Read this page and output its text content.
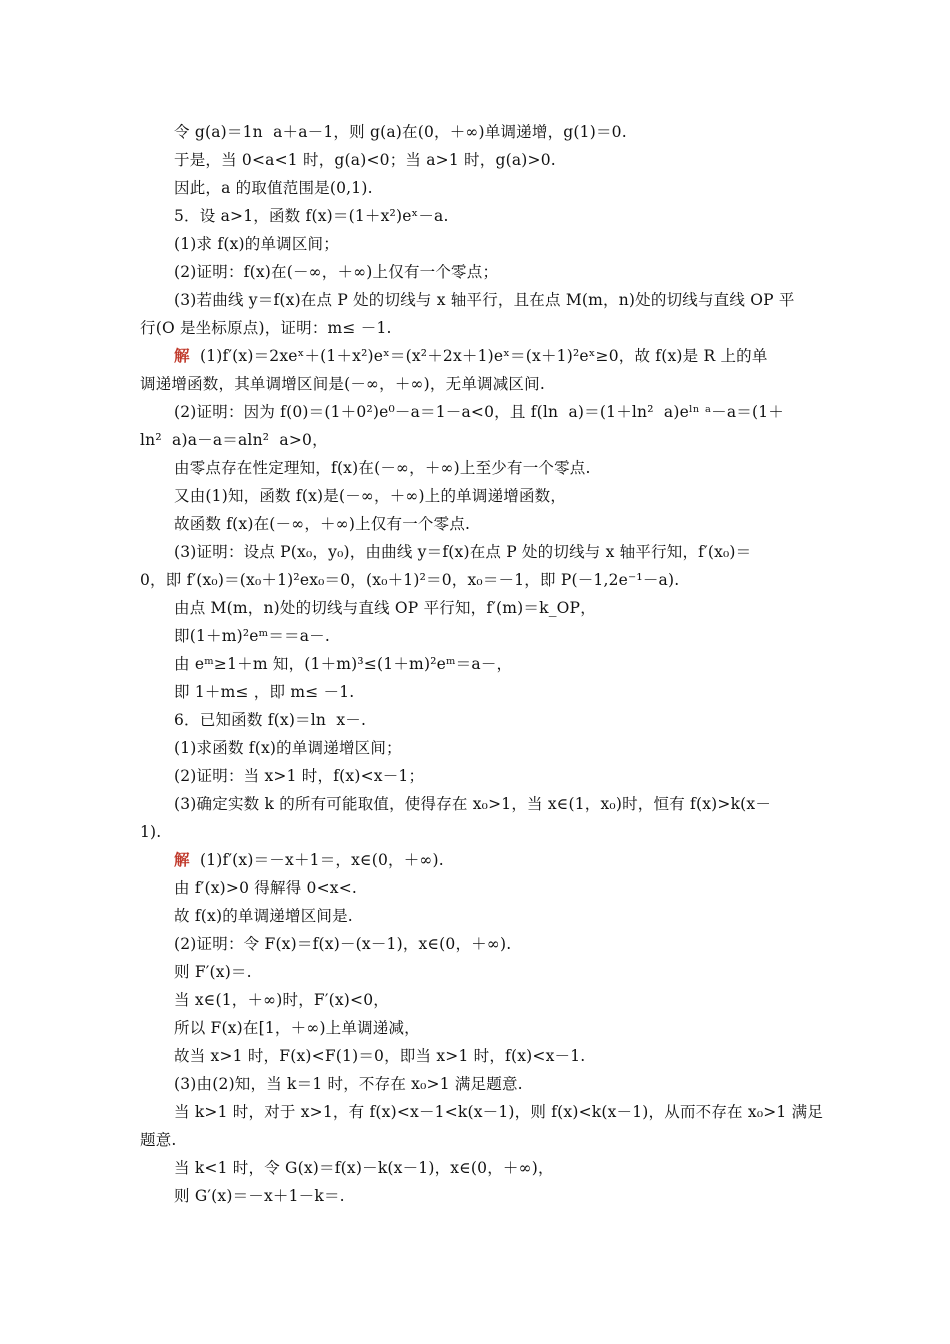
令 g(a)＝1n  a＋a－1，则 g(a)在(0，＋∞)单调递增，g(1)＝0.
于是，当 0<a<1 时，g(a)<0；当 a>1 时，g(a)>0.
因此，a 的取值范围是(0,1).
5．设 a>1，函数 f(x)＝(1＋x²)eˣ－a.
(1)求 f(x)的单调区间；
(2)证明：f(x)在(－∞，＋∞)上仅有一个零点；
(3)若曲线 y＝f(x)在点 P 处的切线与 x 轴平行，且在点 M(m，n)处的切线与直线 OP 平
行(O 是坐标原点)，证明：m≤ －1.
解  (1)f′(x)＝2xeˣ＋(1＋x²)eˣ＝(x²＋2x＋1)eˣ＝(x＋1)²eˣ≥0，故 f(x)是 R 上的单
调递增函数，其单调增区间是(－∞，＋∞)，无单调减区间.
(2)证明：因为 f(0)＝(1＋0²)e⁰－a＝1－a<0，且 f(ln  a)＝(1＋ln²  a)eˡⁿ ᵃ－a＝(1＋
ln²  a)a－a＝aln²  a>0，
由零点存在性定理知，f(x)在(－∞，＋∞)上至少有一个零点.
又由(1)知，函数 f(x)是(－∞，＋∞)上的单调递增函数，
故函数 f(x)在(－∞，＋∞)上仅有一个零点.
(3)证明：设点 P(x₀，y₀)，由曲线 y＝f(x)在点 P 处的切线与 x 轴平行知，f′(x₀)＝
0，即 f′(x₀)＝(x₀＋1)²ex₀＝0，(x₀＋1)²＝0，x₀＝－1，即 P(－1,2e⁻¹－a).
由点 M(m，n)处的切线与直线 OP 平行知，f′(m)＝k_OP，
即(1＋m)²eᵐ＝＝a－.
由 eᵐ≥1＋m 知，(1＋m)³≤(1＋m)²eᵐ＝a－，
即 1＋m≤ ，即 m≤ －1.
6．已知函数 f(x)＝ln  x－.
(1)求函数 f(x)的单调递增区间；
(2)证明：当 x>1 时，f(x)<x－1；
(3)确定实数 k 的所有可能取值，使得存在 x₀>1，当 x∈(1，x₀)时，恒有 f(x)>k(x－
1).
解  (1)f′(x)＝－x＋1＝，x∈(0，＋∞).
由 f′(x)>0 得解得 0<x<.
故 f(x)的单调递增区间是.
(2)证明：令 F(x)＝f(x)－(x－1)，x∈(0，＋∞).
则 F′(x)＝.
当 x∈(1，＋∞)时，F′(x)<0，
所以 F(x)在[1，＋∞)上单调递减，
故当 x>1 时，F(x)<F(1)＝0，即当 x>1 时，f(x)<x－1.
(3)由(2)知，当 k＝1 时，不存在 x₀>1 满足题意.
当 k>1 时，对于 x>1，有 f(x)<x－1<k(x－1)，则 f(x)<k(x－1)，从而不存在 x₀>1 满足
题意.
当 k<1 时，令 G(x)＝f(x)－k(x－1)，x∈(0，＋∞)，
则 G′(x)＝－x＋1－k＝.
